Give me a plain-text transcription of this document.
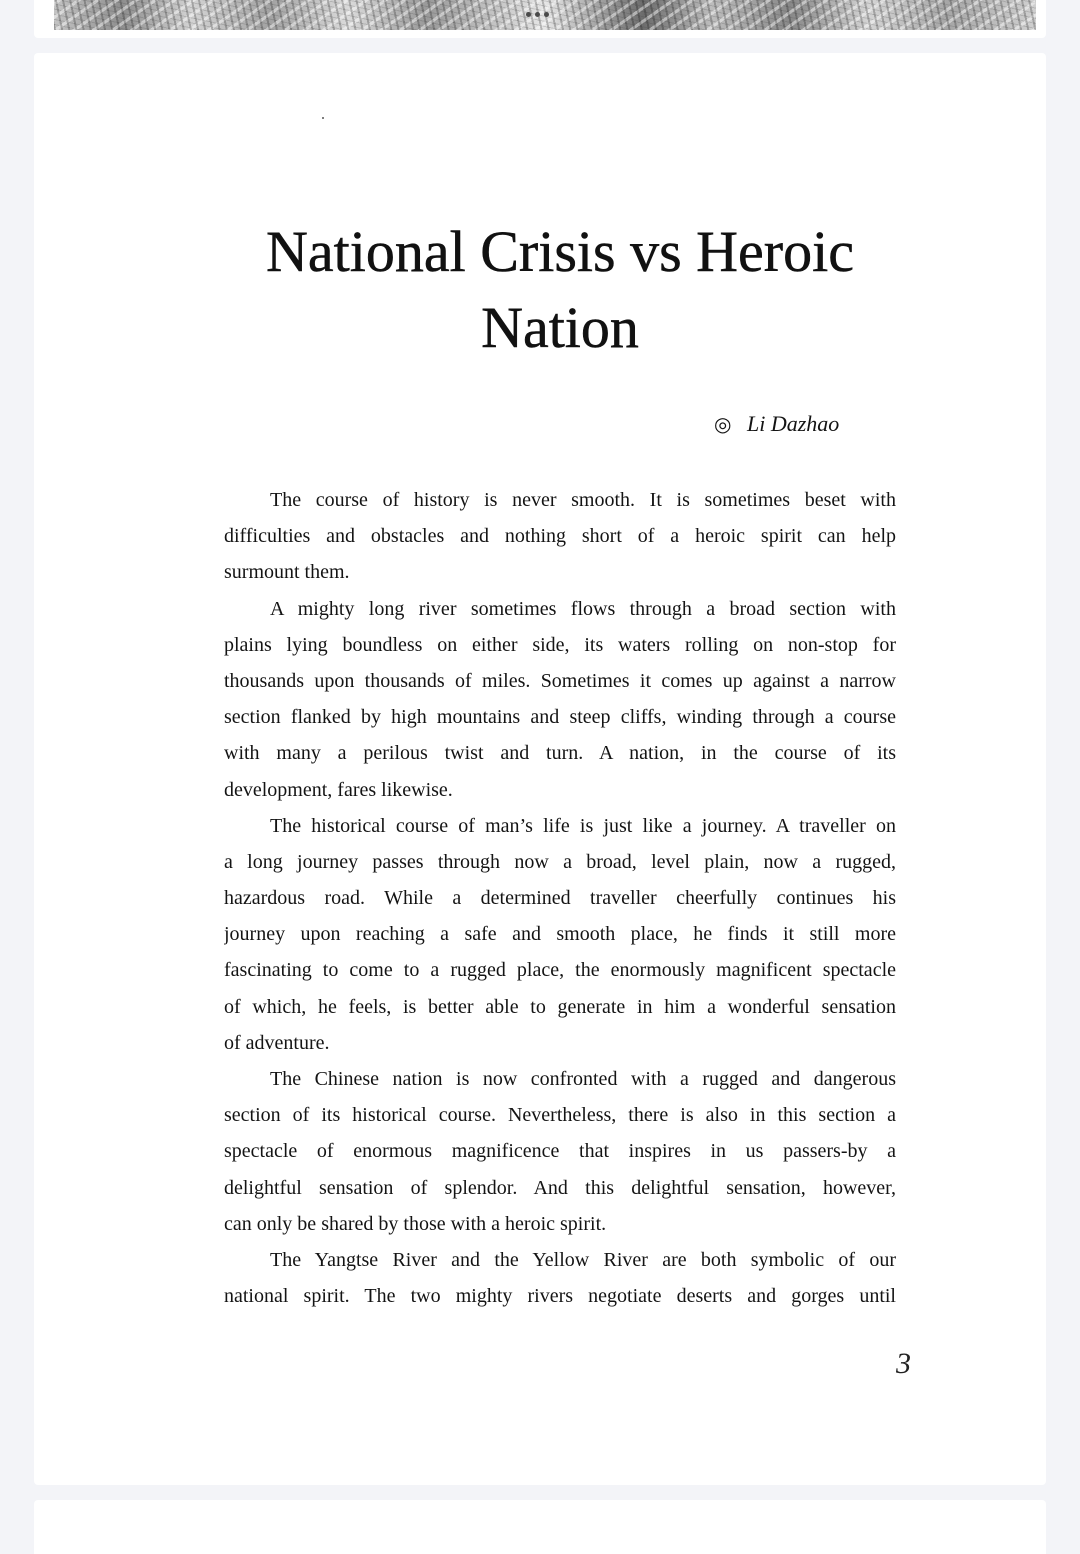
National Crisis vs Heroic
Nation
◎ Li Dazhao
The course of history is never smooth. It is sometimes beset with
difficulties and obstacles and nothing short of a heroic spirit can help
surmount them.
A mighty long river sometimes flows through a broad section with
plains lying boundless on either side, its waters rolling on non-stop for
thousands upon thousands of miles. Sometimes it comes up against a narrow
section flanked by high mountains and steep cliffs, winding through a course
with many a perilous twist and turn. A nation, in the course of its
development, fares likewise.
The historical course of man’s life is just like a journey. A traveller on
a long journey passes through now a broad, level plain, now a rugged,
hazardous road. While a determined traveller cheerfully continues his
journey upon reaching a safe and smooth place, he finds it still more
fascinating to come to a rugged place, the enormously magnificent spectacle
of which, he feels, is better able to generate in him a wonderful sensation
of adventure.
The Chinese nation is now confronted with a rugged and dangerous
section of its historical course. Nevertheless, there is also in this section a
spectacle of enormous magnificence that inspires in us passers-by a
delightful sensation of splendor. And this delightful sensation, however,
can only be shared by those with a heroic spirit.
The Yangtse River and the Yellow River are both symbolic of our
national spirit. The two mighty rivers negotiate deserts and gorges until
3
